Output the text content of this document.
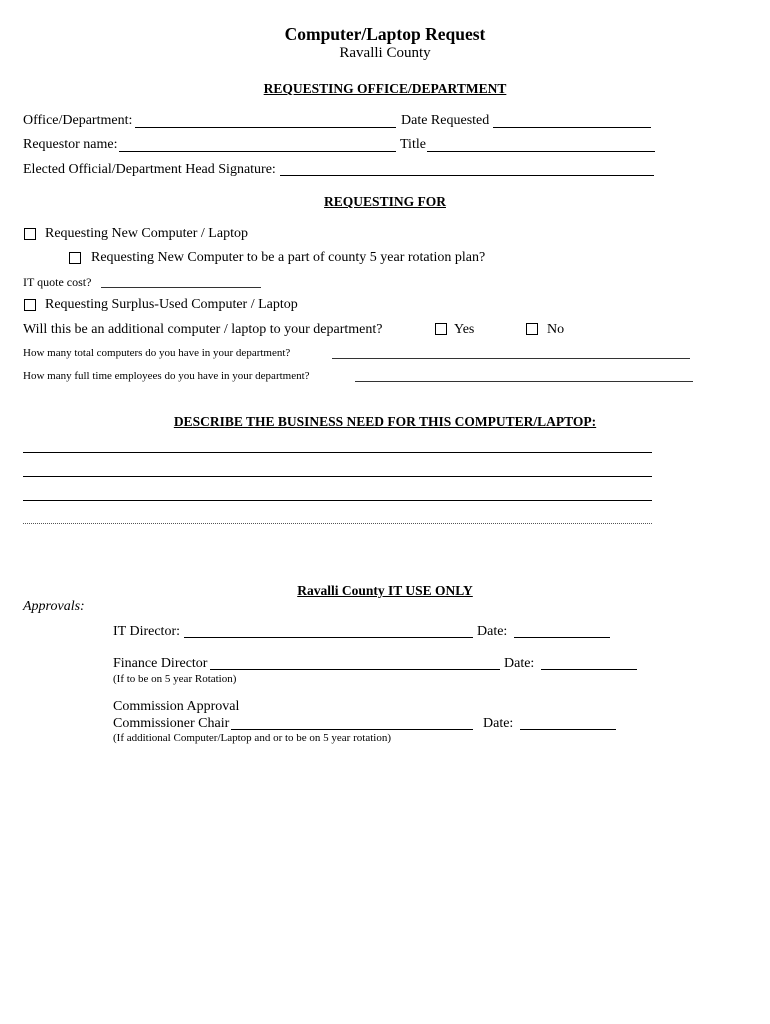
Computer/Laptop Request
Ravalli County
REQUESTING OFFICE/DEPARTMENT
Office/Department:	Date Requested
Requestor name:	Title
Elected Official/Department Head Signature:
REQUESTING FOR
Requesting New Computer / Laptop
Requesting New Computer to be a part of county 5 year rotation plan?
IT quote cost?
Requesting Surplus-Used Computer / Laptop
Will this be an additional computer / laptop to your department?	Yes	No
How many total computers do you have in your department?
How many full time employees do you have in your department?
DESCRIBE THE BUSINESS NEED FOR THIS COMPUTER/LAPTOP:
Ravalli County IT USE ONLY
Approvals:
IT Director:	Date:
Finance Director	Date:
(If to be on 5 year Rotation)
Commission Approval
Commissioner Chair	Date:
(If additional Computer/Laptop and or to be on 5 year rotation)
